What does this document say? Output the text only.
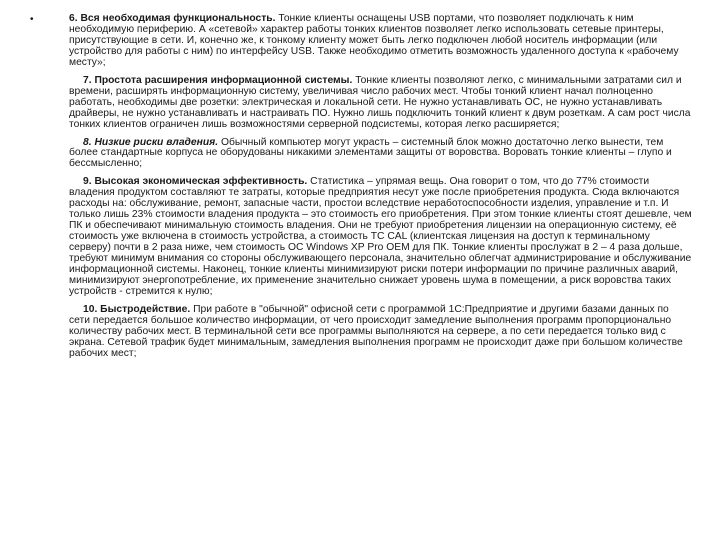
•	6. Вся необходимая функциональность. Тонкие клиенты оснащены USB портами, что позволяет подключать к ним необходимую периферию. А «сетевой» характер работы тонких клиентов позволяет легко использовать сетевые принтеры, присутствующие в сети. И, конечно же, к тонкому клиенту может быть легко подключен любой носитель информации (или устройство для работы с ним) по интерфейсу USB. Также необходимо отметить возможность удаленного доступа к «рабочему месту»;

7. Простота расширения информационной системы. Тонкие клиенты позволяют легко, с минимальными затратами сил и времени, расширять информационную систему, увеличивая число рабочих мест. Чтобы тонкий клиент начал полноценно работать, необходимы две розетки: электрическая и локальной сети. Не нужно устанавливать ОС, не нужно устанавливать драйверы, не нужно устанавливать и настраивать ПО. Нужно лишь подключить тонкий клиент к двум розеткам. А сам рост числа тонких клиентов ограничен лишь возможностями серверной подсистемы, которая легко расширяется;

8. Низкие риски владения. Обычный компьютер могут украсть – системный блок можно достаточно легко вынести, тем более стандартные корпуса не оборудованы никакими элементами защиты от воровства. Воровать тонкие клиенты – глупо и бессмысленно;

9. Высокая экономическая эффективность. Статистика – упрямая вещь. Она говорит о том, что до 77% стоимости владения продуктом составляют те затраты, которые предприятия несут уже после приобретения продукта. Сюда включаются расходы на: обслуживание, ремонт, запасные части, простои вследствие неработоспособности изделия, управление и т.п. И только лишь 23% стоимости владения продукта – это стоимость его приобретения. При этом тонкие клиенты стоят дешевле, чем ПК и обеспечивают минимальную стоимость владения. Они не требуют приобретения лицензии на операционную систему, её стоимость уже включена в стоимость устройства, а стоимость TC CAL (клиентская лицензия на доступ к терминальному серверу) почти в 2 раза ниже, чем стоимость ОС Windows XP Pro OEM для ПК. Тонкие клиенты прослужат в 2 – 4 раза дольше, требуют минимум внимания со стороны обслуживающего персонала, значительно облегчат администрирование и обслуживание информационной системы. Наконец, тонкие клиенты минимизируют риски потери информации по причине различных аварий, минимизируют энергопотребление, их применение значительно снижает уровень шума в помещении, а риск воровства таких устройств - стремится к нулю;

10. Быстродействие. При работе в "обычной" офисной сети с программой 1С:Предприятие и другими базами данных по сети передается большое количество информации, от чего происходит замедление выполнения программ пропорционально количеству рабочих мест. В терминальной сети все программы выполняются на сервере, а по сети передается только вид с экрана. Сетевой трафик будет минимальным, замедления выполнения программ не происходит даже при большом количестве рабочих мест;
